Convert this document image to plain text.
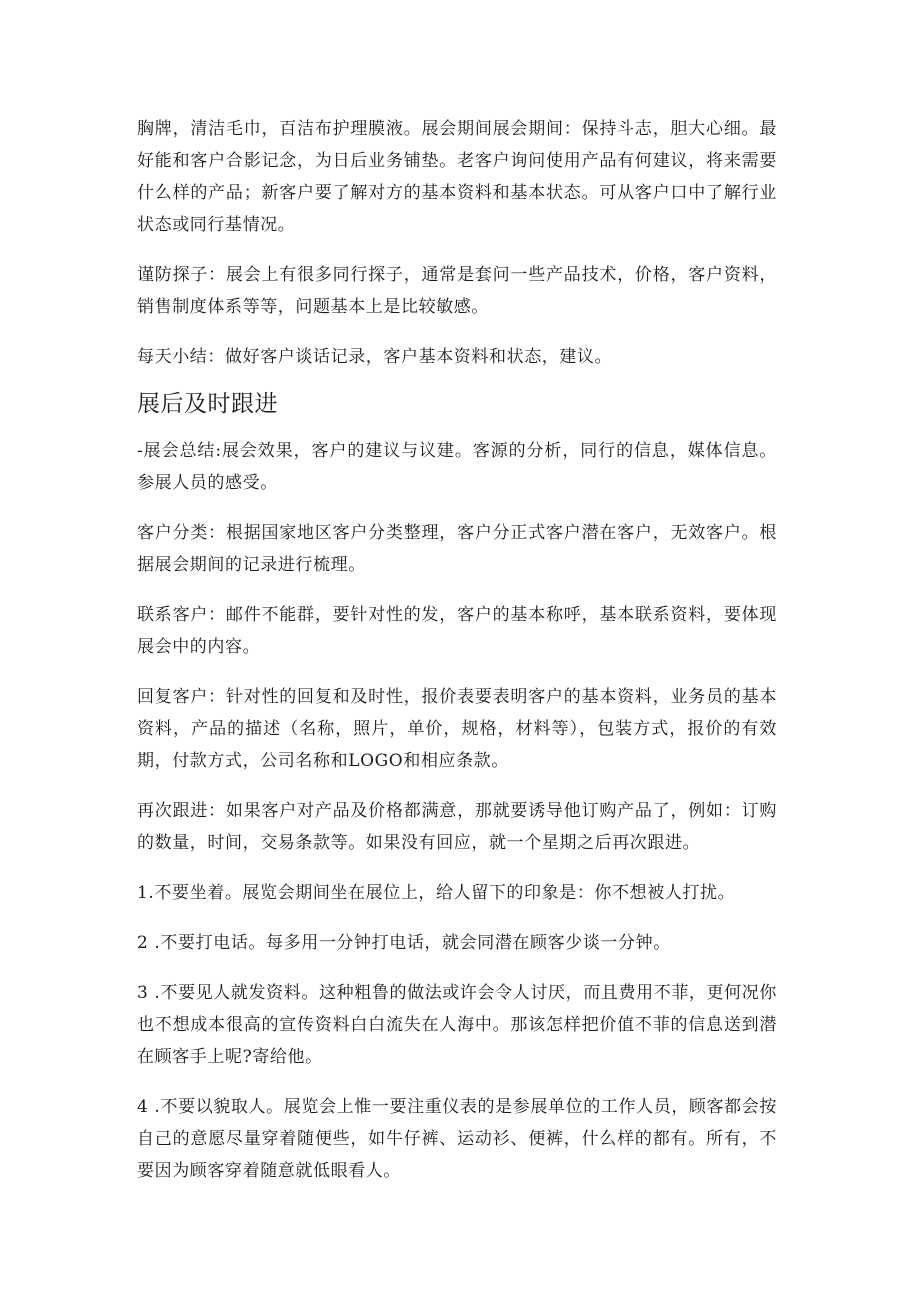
胸牌，清洁毛巾，百洁布护理膜液。展会期间展会期间：保持斗志，胆大心细。最好能和客户合影记念，为日后业务铺垫。老客户询问使用产品有何建议，将来需要什么样的产品；新客户要了解对方的基本资料和基本状态。可从客户口中了解行业状态或同行基情况。

谨防探子：展会上有很多同行探子，通常是套问一些产品技术，价格，客户资料，销售制度体系等等，问题基本上是比较敏感。

每天小结：做好客户谈话记录，客户基本资料和状态，建议。

展后及时跟进

-展会总结:展会效果，客户的建议与议建。客源的分析，同行的信息，媒体信息。参展人员的感受。

客户分类：根据国家地区客户分类整理，客户分正式客户潜在客户，无效客户。根据展会期间的记录进行梳理。

联系客户：邮件不能群，要针对性的发，客户的基本称呼，基本联系资料，要体现展会中的内容。

回复客户：针对性的回复和及时性，报价表要表明客户的基本资料，业务员的基本资料，产品的描述（名称，照片，单价，规格，材料等），包装方式，报价的有效期，付款方式，公司名称和LOGO和相应条款。

再次跟进：如果客户对产品及价格都满意，那就要诱导他订购产品了，例如：订购的数量，时间，交易条款等。如果没有回应，就一个星期之后再次跟进。

1.不要坐着。展览会期间坐在展位上，给人留下的印象是：你不想被人打扰。

2 .不要打电话。每多用一分钟打电话，就会同潜在顾客少谈一分钟。

3 .不要见人就发资料。这种粗鲁的做法或许会令人讨厌，而且费用不菲，更何况你也不想成本很高的宣传资料白白流失在人海中。那该怎样把价值不菲的信息送到潜在顾客手上呢?寄给他。

4 .不要以貌取人。展览会上惟一要注重仪表的是参展单位的工作人员，顾客都会按自己的意愿尽量穿着随便些，如牛仔裤、运动衫、便裤，什么样的都有。所有，不要因为顾客穿着随意就低眼看人。
